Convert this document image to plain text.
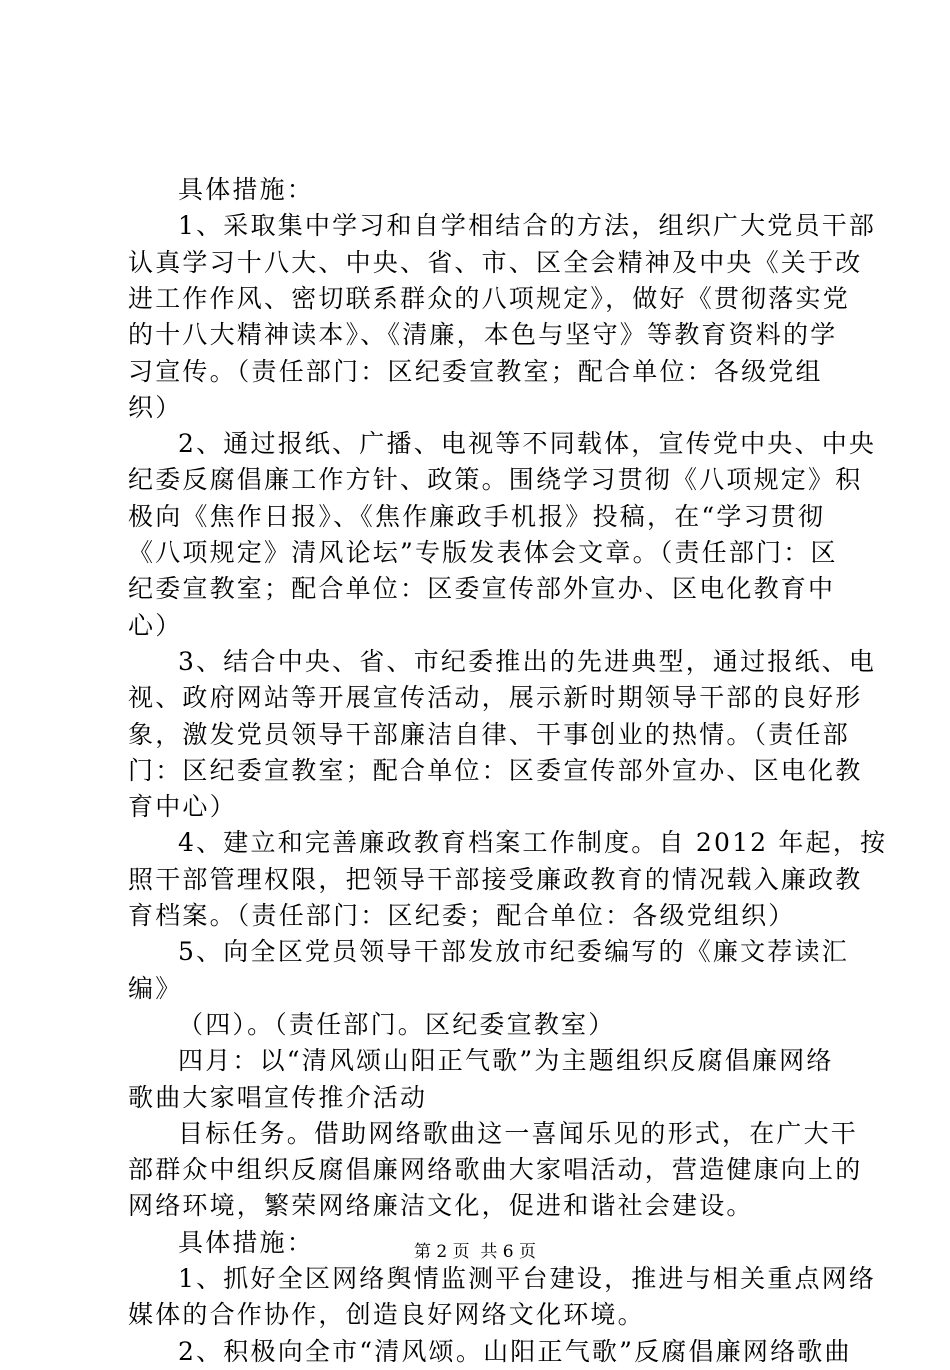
第 2 页  共 6 页
具体措施：
1、采取集中学习和自学相结合的方法，组织广大党员干部
认真学习十八大、中央、省、市、区全会精神及中央《关于改
进工作作风、密切联系群众的八项规定》，做好《贯彻落实党
的十八大精神读本》、《清廉，本色与坚守》等教育资料的学
习宣传。（责任部门：区纪委宣教室；配合单位：各级党组
织）
2、通过报纸、广播、电视等不同载体，宣传党中央、中央
纪委反腐倡廉工作方针、政策。围绕学习贯彻《八项规定》积
极向《焦作日报》、《焦作廉政手机报》投稿，在“学习贯彻
《八项规定》清风论坛”专版发表体会文章。（责任部门：区
纪委宣教室；配合单位：区委宣传部外宣办、区电化教育中
心）
3、结合中央、省、市纪委推出的先进典型，通过报纸、电
视、政府网站等开展宣传活动，展示新时期领导干部的良好形
象，激发党员领导干部廉洁自律、干事创业的热情。（责任部
门：区纪委宣教室；配合单位：区委宣传部外宣办、区电化教
育中心）
4、建立和完善廉政教育档案工作制度。自 2012 年起，按
照干部管理权限，把领导干部接受廉政教育的情况载入廉政教
育档案。（责任部门：区纪委；配合单位：各级党组织）
5、向全区党员领导干部发放市纪委编写的《廉文荐读汇
编》
（四）。（责任部门。区纪委宣教室）
四月：以“清风颂山阳正气歌”为主题组织反腐倡廉网络
歌曲大家唱宣传推介活动
目标任务。借助网络歌曲这一喜闻乐见的形式，在广大干
部群众中组织反腐倡廉网络歌曲大家唱活动，营造健康向上的
网络环境，繁荣网络廉洁文化，促进和谐社会建设。
具体措施：
1、抓好全区网络舆情监测平台建设，推进与相关重点网络
媒体的合作协作，创造良好网络文化环境。
2、积极向全市“清风颂。山阳正气歌”反腐倡廉网络歌曲
